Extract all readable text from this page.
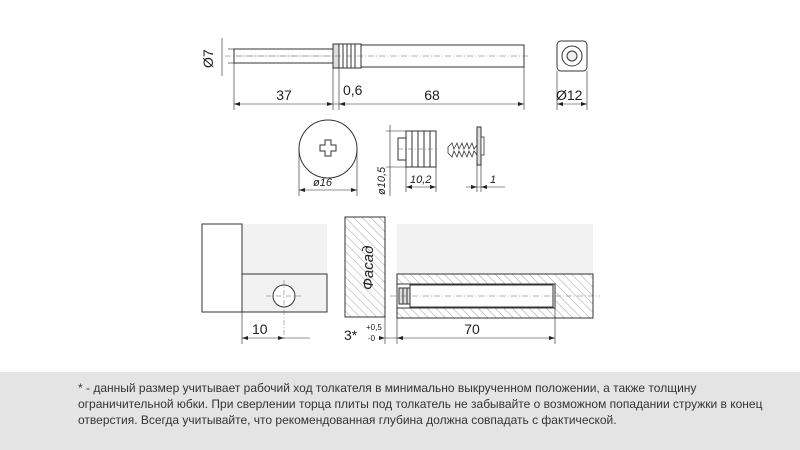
Ø7
37	0,6	68	Ø12
ø16	ø10,5 10,2	1
10
Фасад
3* +0,5
-0
70
* - данный размер учитывает рабочий ход толкателя в минимально выкрученном положении, а также толщину ограничительной юбки. При сверлении торца плиты под толкатель не забывайте о возможном попадании стружки в конец отверстия. Всегда учитывайте, что рекомендованная глубина должна совпадать с фактической.
